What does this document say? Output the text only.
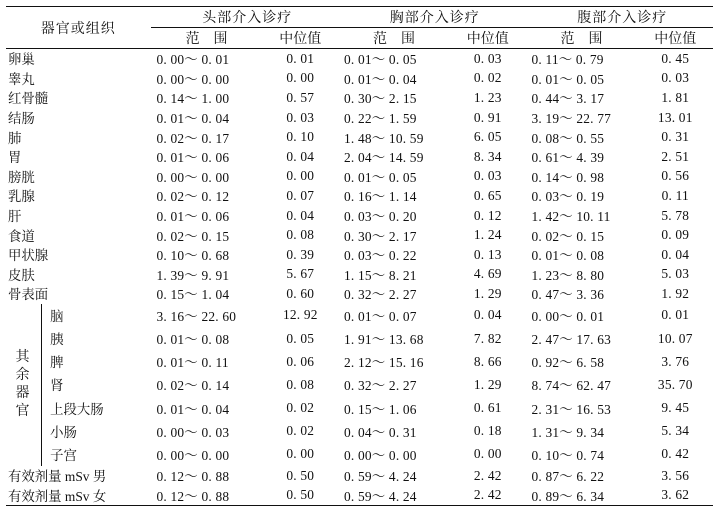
器官或组织		头部介入诊疗		胸部介入诊疗		腹部介入诊疗	
		范　围	中位值	范　围	中位值	范　围	中位值
卵巢		0. 00～ 0. 01	0. 01	0. 01～ 0. 05	0. 03	0. 11～ 0. 79	0. 45
睾丸		0. 00～ 0. 00	0. 00	0. 01～ 0. 04	0. 02	0. 01～ 0. 05	0. 03
红骨髓		0. 14～ 1. 00	0. 57	0. 30～ 2. 15	1. 23	0. 44～ 3. 17	1. 81
结肠		0. 01～ 0. 04	0. 03	0. 22～ 1. 59	0. 91	3. 19～ 22. 77	13. 01
肺		0. 02～ 0. 17	0. 10	1. 48～ 10. 59	6. 05	0. 08～ 0. 55	0. 31
胃		0. 01～ 0. 06	0. 04	2. 04～ 14. 59	8. 34	0. 61～ 4. 39	2. 51
膀胱		0. 00～ 0. 00	0. 00	0. 01～ 0. 05	0. 03	0. 14～ 0. 98	0. 56
乳腺		0. 02～ 0. 12	0. 07	0. 16～ 1. 14	0. 65	0. 03～ 0. 19	0. 11
肝		0. 01～ 0. 06	0. 04	0. 03～ 0. 20	0. 12	1. 42～ 10. 11	5. 78
食道		0. 02～ 0. 15	0. 08	0. 30～ 2. 17	1. 24	0. 02～ 0. 15	0. 09
甲状腺		0. 10～ 0. 68	0. 39	0. 03～ 0. 22	0. 13	0. 01～ 0. 08	0. 04
皮肤		1. 39～ 9. 91	5. 67	1. 15～ 8. 21	4. 69	1. 23～ 8. 80	5. 03
骨表面		0. 15～ 1. 04	0. 60	0. 32～ 2. 27	1. 29	0. 47～ 3. 36	1. 92

其
余
器
官	脑	3. 16～ 22. 60	12. 92	0. 01～ 0. 07	0. 04	0. 00～ 0. 01	0. 01
	胰	0. 01～ 0. 08	0. 05	1. 91～ 13. 68	7. 82	2. 47～ 17. 63	10. 07
	脾	0. 01～ 0. 11	0. 06	2. 12～ 15. 16	8. 66	0. 92～ 6. 58	3. 76
	肾	0. 02～ 0. 14	0. 08	0. 32～ 2. 27	1. 29	8. 74～ 62. 47	35. 70
	上段大肠	0. 01～ 0. 04	0. 02	0. 15～ 1. 06	0. 61	2. 31～ 16. 53	9. 45
	小肠	0. 00～ 0. 03	0. 02	0. 04～ 0. 31	0. 18	1. 31～ 9. 34	5. 34
	子宫	0. 00～ 0. 00	0. 00	0. 00～ 0. 00	0. 00	0. 10～ 0. 74	0. 42
有效剂量 mSv 男		0. 12～ 0. 88	0. 50	0. 59～ 4. 24	2. 42	0. 87～ 6. 22	3. 56
有效剂量 mSv 女		0. 12～ 0. 88	0. 50	0. 59～ 4. 24	2. 42	0. 89～ 6. 34	3. 62
